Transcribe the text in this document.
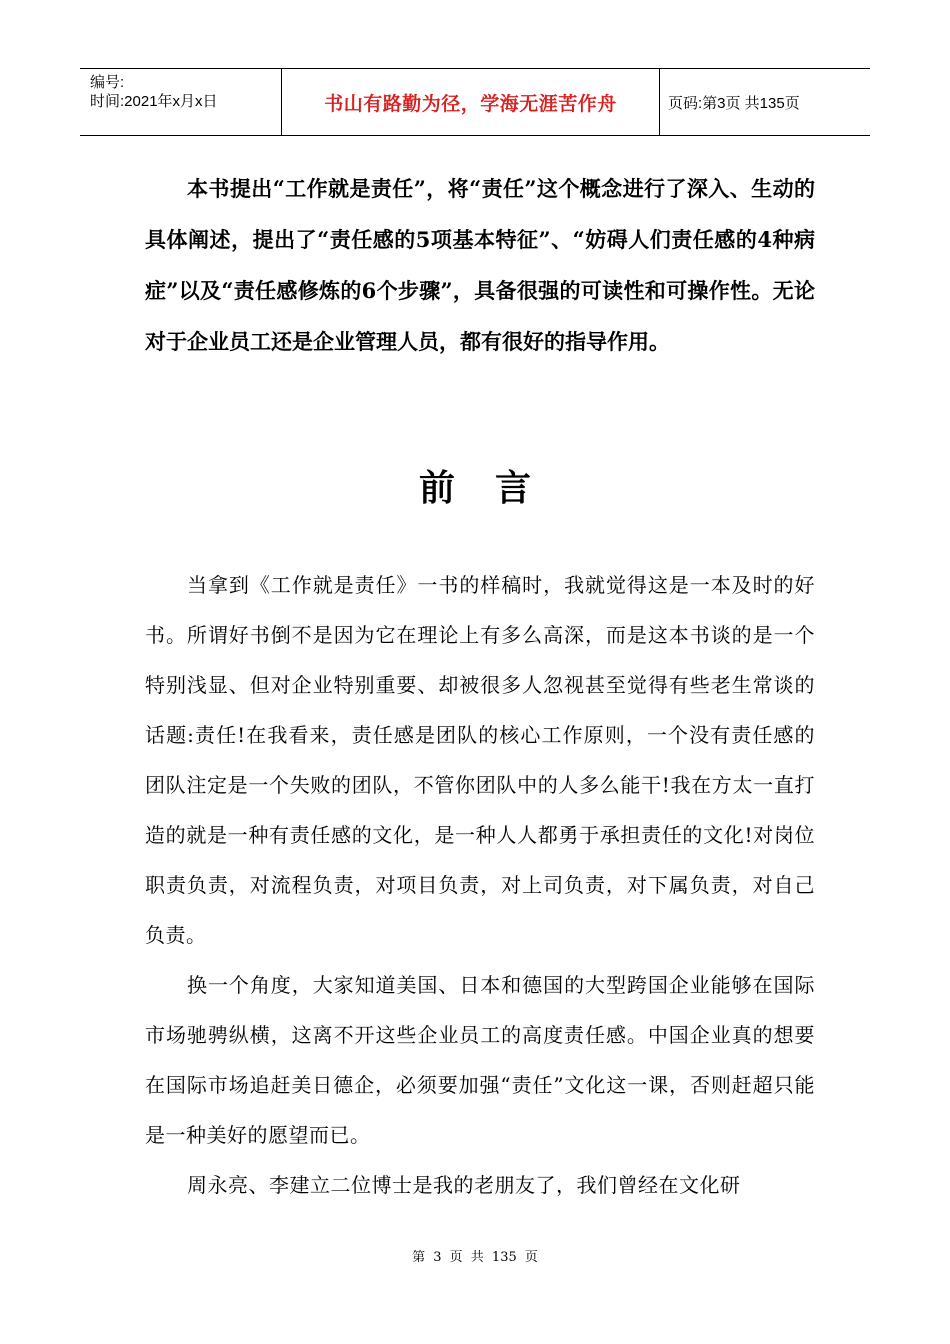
编号:
时间:2021年x月x日	书山有路勤为径，学海无涯苦作舟	页码:第3页 共135页

本书提出“工作就是责任”，将“责任”这个概念进行了深入、生动的具体阐述，提出了“责任感的5项基本特征”、“妨碍人们责任感的4种病症”以及“责任感修炼的6个步骤”，具备很强的可读性和可操作性。无论对于企业员工还是企业管理人员，都有很好的指导作用。

前言

当拿到《工作就是责任》一书的样稿时，我就觉得这是一本及时的好书。所谓好书倒不是因为它在理论上有多么高深，而是这本书谈的是一个特别浅显、但对企业特别重要、却被很多人忽视甚至觉得有些老生常谈的话题:责任!在我看来，责任感是团队的核心工作原则，一个没有责任感的团队注定是一个失败的团队，不管你团队中的人多么能干!我在方太一直打造的就是一种有责任感的文化，是一种人人都勇于承担责任的文化!对岗位职责负责，对流程负责，对项目负责，对上司负责，对下属负责，对自己负责。

换一个角度，大家知道美国、日本和德国的大型跨国企业能够在国际市场驰骋纵横，这离不开这些企业员工的高度责任感。中国企业真的想要在国际市场追赶美日德企，必须要加强“责任”文化这一课，否则赶超只能是一种美好的愿望而已。

周永亮、李建立二位博士是我的老朋友了，我们曾经在文化研

第 3 页 共 135 页
